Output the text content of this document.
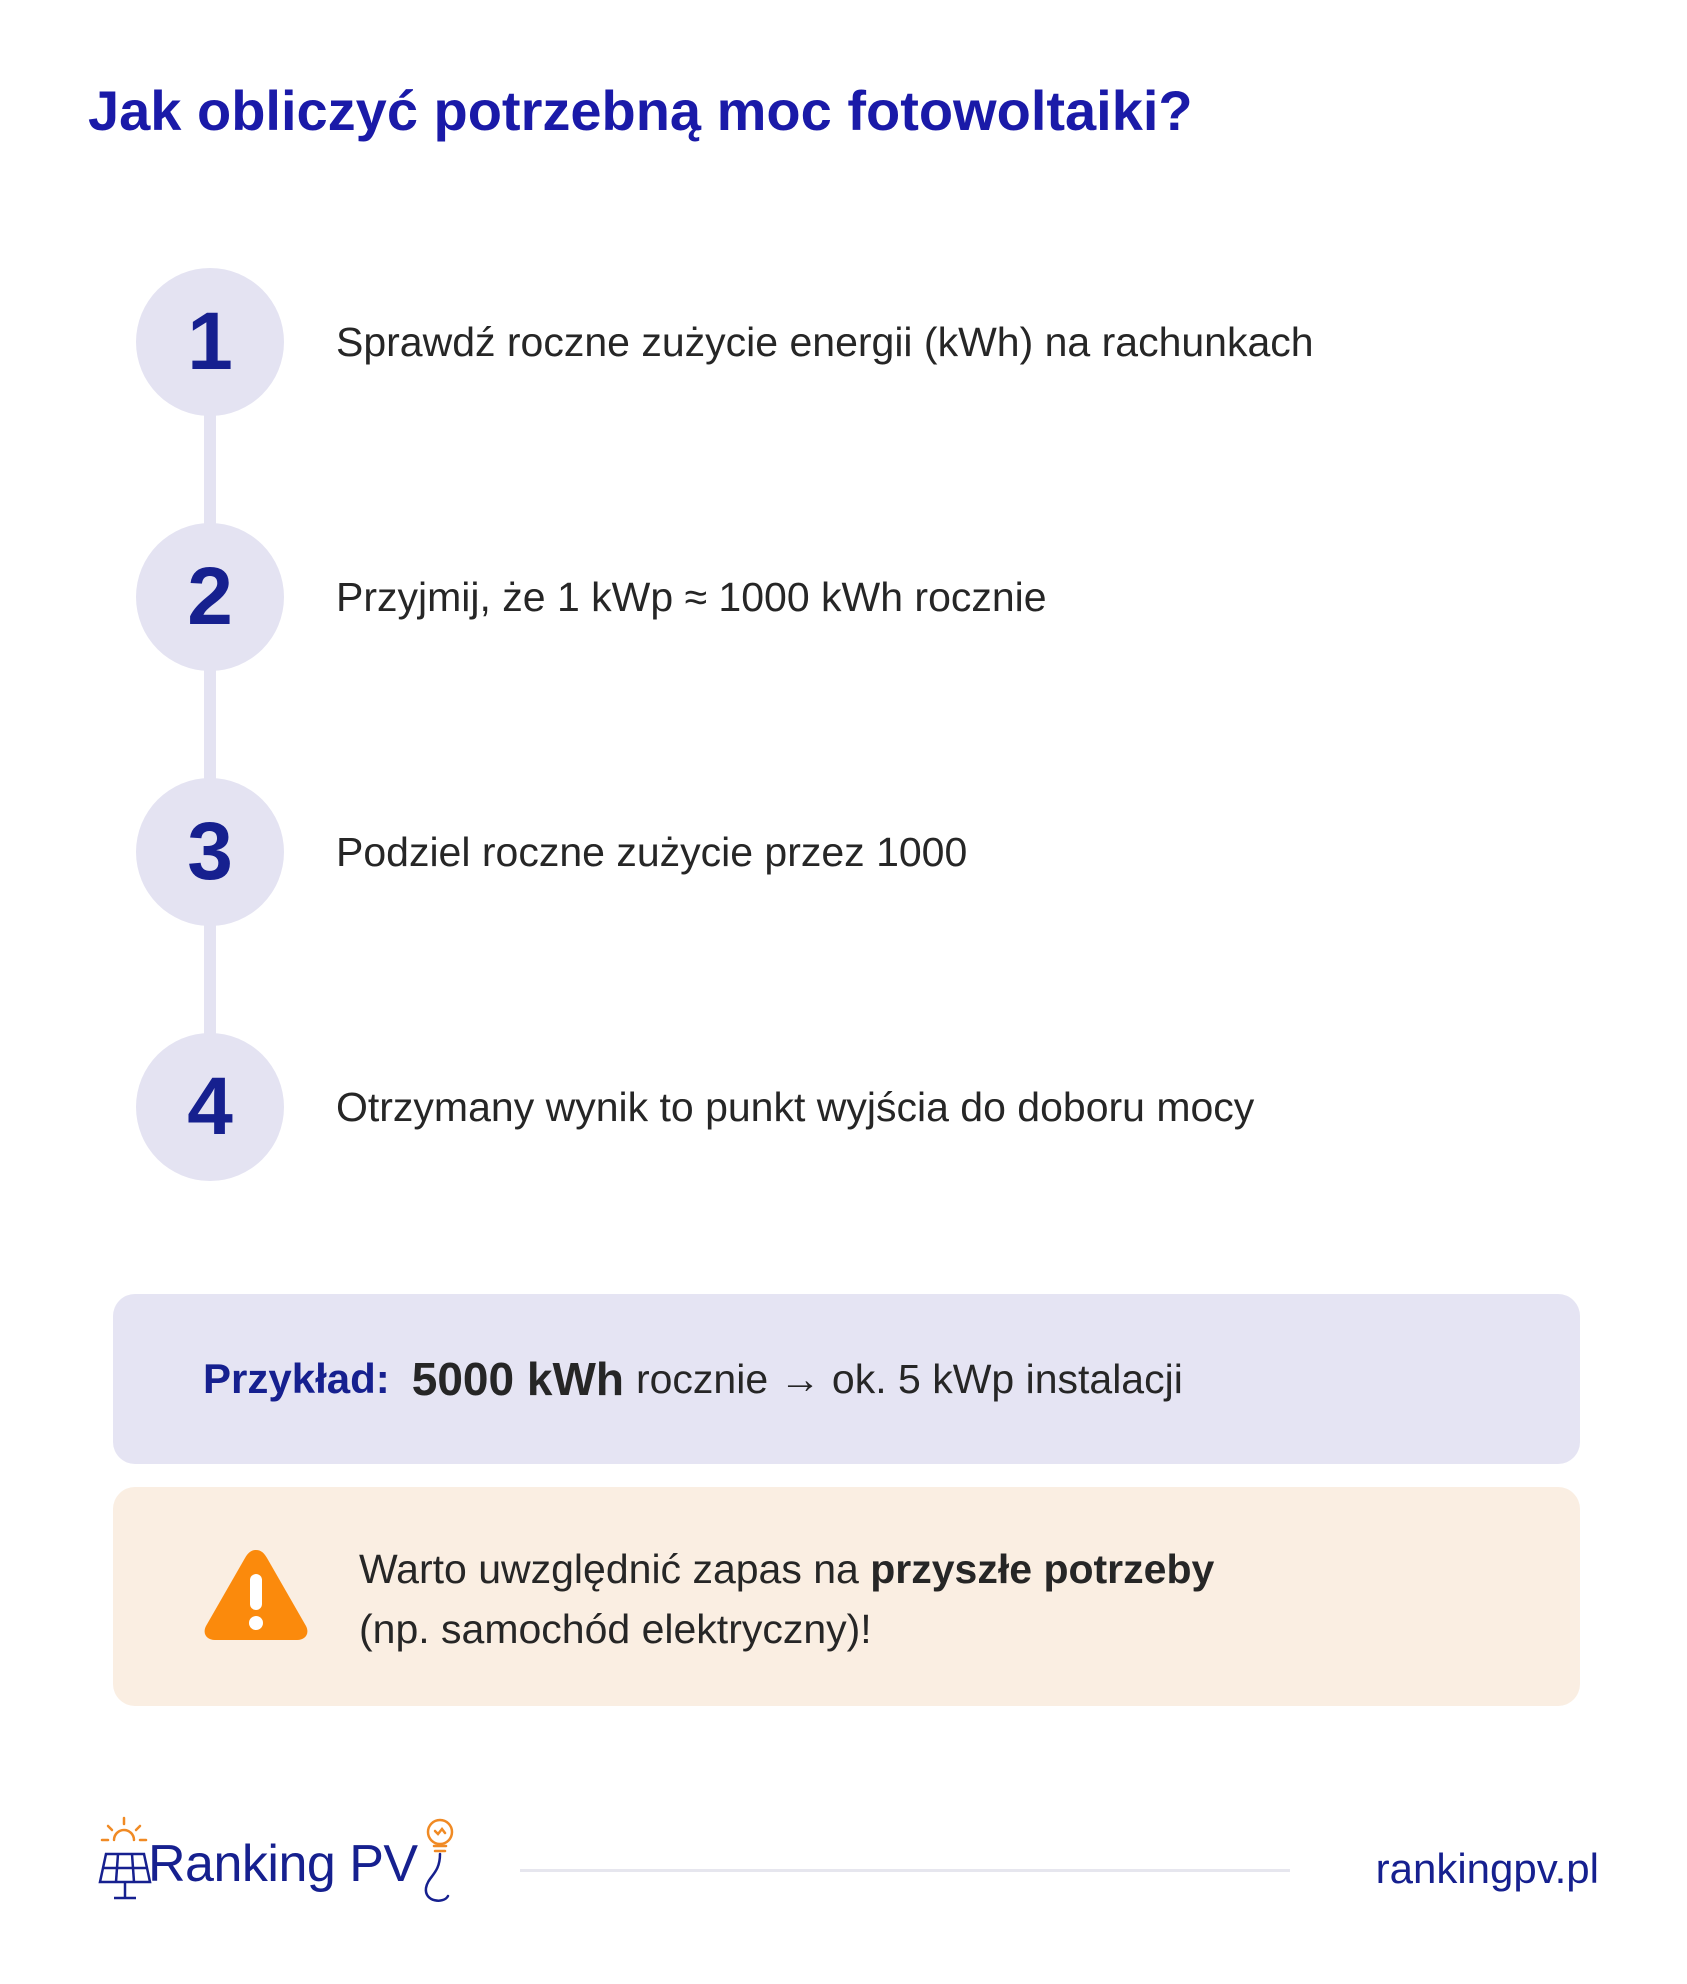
Jak obliczyć potrzebną moc fotowoltaiki?
1	Sprawdź roczne zużycie energii (kWh) na rachunkach
2	Przyjmij, że 1 kWp ≈ 1000 kWh rocznie
3	Podziel roczne zużycie przez 1000
4	Otrzymany wynik to punkt wyjścia do doboru mocy
Przykład: 5000 kWh rocznie → ok. 5 kWp instalacji
Warto uwzględnić zapas na przyszłe potrzeby
(np. samochód elektryczny)!
Ranking PV	rankingpv.pl
